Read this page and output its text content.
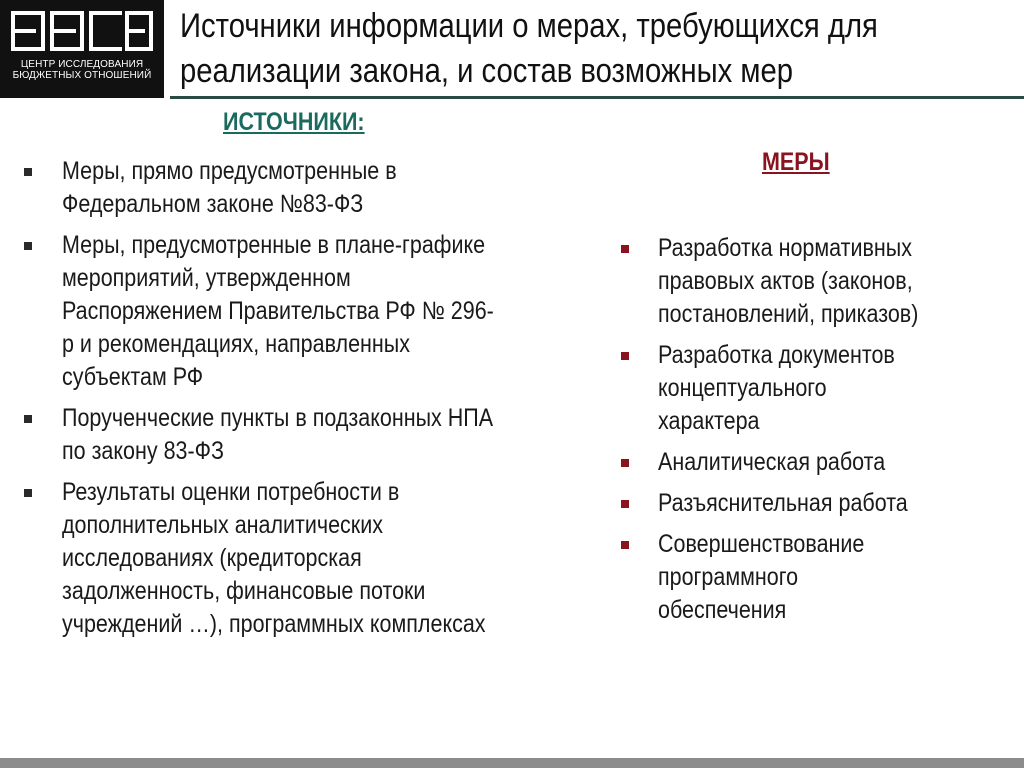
ЦЕНТР ИССЛЕДОВАНИЯ
БЮДЖЕТНЫХ ОТНОШЕНИЙ
Источники информации о мерах, требующихся для
реализации закона, и состав возможных мер
ИСТОЧНИКИ:
Меры, прямо предусмотренные в
Федеральном законе №83-ФЗ
Меры, предусмотренные в плане-графике
мероприятий, утвержденном
Распоряжением Правительства РФ № 296-
р и рекомендациях, направленных
субъектам РФ
Порученческие пункты в подзаконных НПА
по закону 83-ФЗ
Результаты оценки потребности в
дополнительных аналитических
исследованиях (кредиторская
задолженность, финансовые потоки
учреждений …), программных комплексах
МЕРЫ
Разработка нормативных
правовых актов (законов,
постановлений, приказов)
Разработка документов
концептуального
характера
Аналитическая работа
Разъяснительная работа
Совершенствование
программного
обеспечения
